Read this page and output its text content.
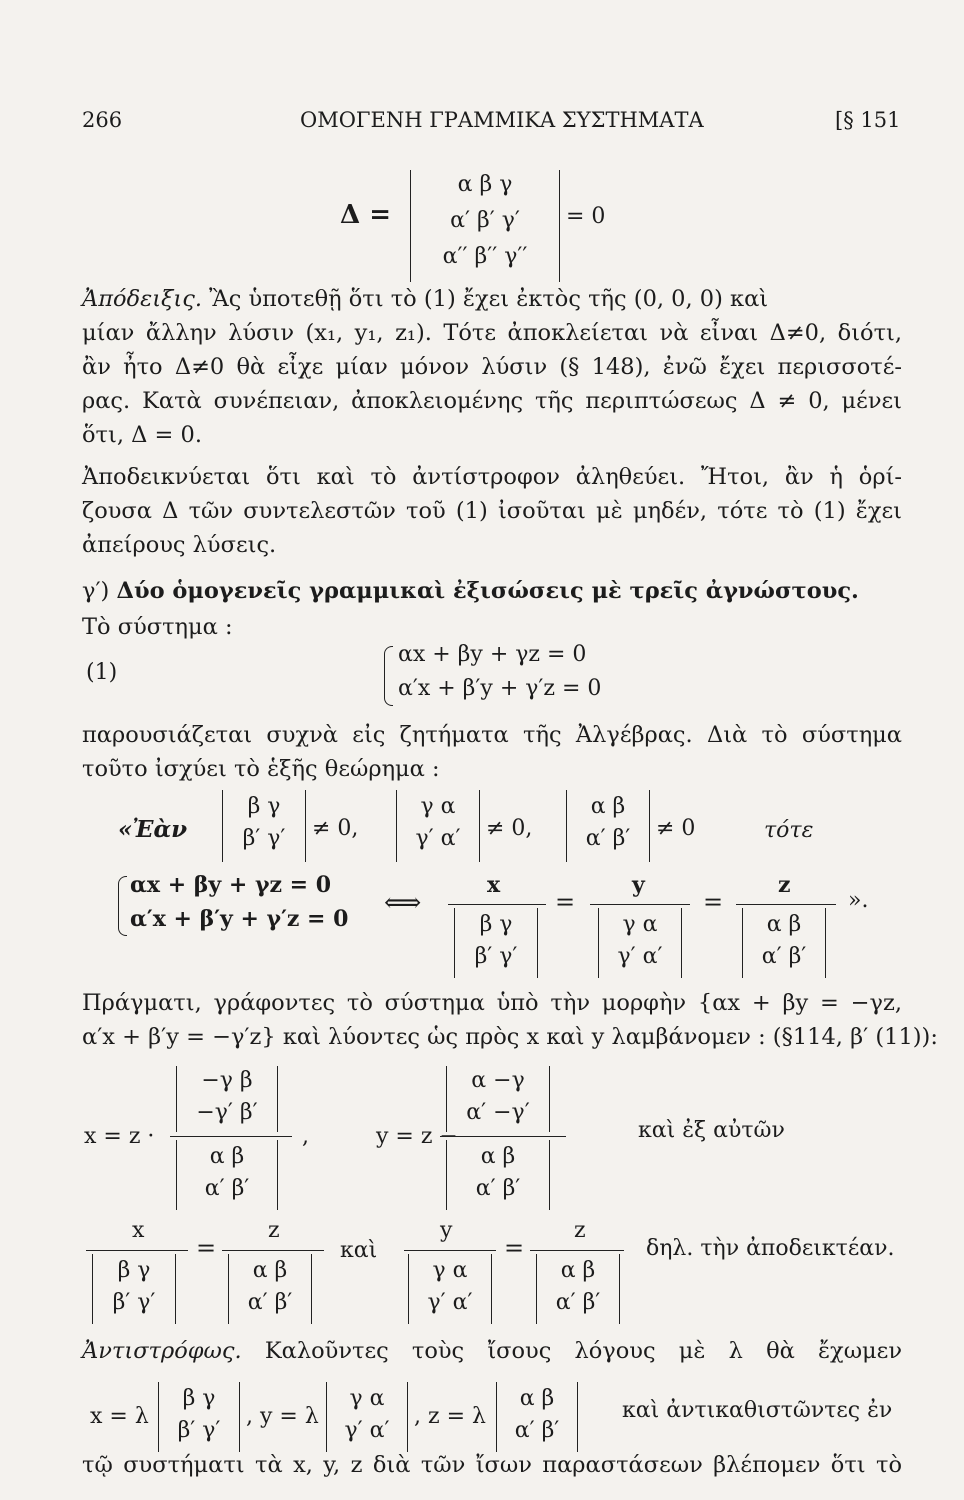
266	ΟΜΟΓΕΝΗ ΓΡΑΜΜΙΚΑ ΣΥΣΤΗΜΑΤΑ	[§ 151
Δ =
α β γ
α′ β′ γ′
α′′ β′′ γ′′
= 0
Ἀπόδειξις. Ἂς ὑποτεθῇ ὅτι τὸ (1) ἔχει ἐκτὸς τῆς (0, 0, 0) καὶ
μίαν ἄλλην λύσιν (x₁, y₁, z₁). Τότε ἀποκλείεται νὰ εἶναι Δ≠0, διότι,
ἂν ἦτο Δ≠0 θὰ εἶχε μίαν μόνον λύσιν (§ 148), ἐνῶ ἔχει περισσοτέ-
ρας. Κατὰ συνέπειαν, ἀποκλειομένης τῆς περιπτώσεως Δ ≠ 0, μένει
ὅτι, Δ = 0.
Ἀποδεικνύεται ὅτι καὶ τὸ ἀντίστροφον ἀληθεύει. Ἤτοι, ἂν ἡ ὁρί-
ζουσα Δ τῶν συντελεστῶν τοῦ (1) ἰσοῦται μὲ μηδέν, τότε τὸ (1) ἔχει
ἀπείρους λύσεις.
γ′) Δύο ὁμογενεῖς γραμμικαὶ ἐξισώσεις μὲ τρεῖς ἀγνώστους.
Τὸ σύστημα :
(1)
αx + βy + γz = 0
α′x + β′y + γ′z = 0
παρουσιάζεται συχνὰ εἰς ζητήματα τῆς Ἀλγέβρας. Διὰ τὸ σύστημα
τοῦτο ἰσχύει τὸ ἑξῆς θεώρημα :
«Ἐὰν
β γ
β′ γ′	≠ 0,
γ α
γ′ α′	≠ 0,
α β
α′ β′	≠ 0	τότε
αx + βy + γz = 0
α′x + β′y + γ′z = 0
⟺
x
β γ
β′ γ′
=
y
γ α
γ′ α′
=
z
α β
α′ β′
».
Πράγματι, γράφοντες τὸ σύστημα ὑπὸ τὴν μορφὴν {αx + βy = −γz,
α′x + β′y = −γ′z} καὶ λύοντες ὡς πρὸς x καὶ y λαμβάνομεν : (§114, β′ (11)):
x = z ·
−γ β
−γ′ β′
α β
α′ β′
,	y = z −
α −γ
α′ −γ′
α β
α′ β′
καὶ ἐξ αὐτῶν
x
β γ
β′ γ′
=
z
α β
α′ β′
καὶ
y
γ α
γ′ α′
=
z
α β
α′ β′
δηλ. τὴν ἀποδεικτέαν.
Ἀντιστρόφως. Καλοῦντες τοὺς ἴσους λόγους μὲ λ θὰ ἔχωμεν
x = λ
β γ
β′ γ′
, y = λ
γ α
γ′ α′
, z = λ
α β
α′ β′
καὶ ἀντικαθιστῶντες ἐν
τῷ συστήματι τὰ x, y, z διὰ τῶν ἴσων παραστάσεων βλέπομεν ὅτι τὸ
